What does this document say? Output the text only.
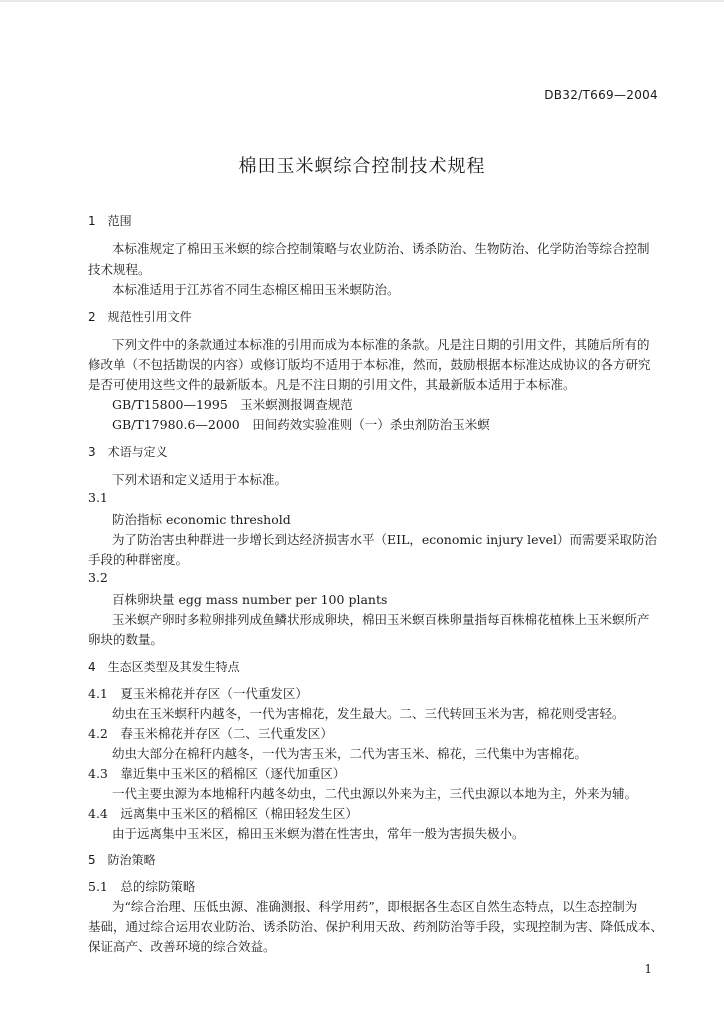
DB32/T669—2004
棉田玉米螟综合控制技术规程
1　范围
本标准规定了棉田玉米螟的综合控制策略与农业防治、诱杀防治、生物防治、化学防治等综合控制
技术规程。
本标准适用于江苏省不同生态棉区棉田玉米螟防治。
2　规范性引用文件
下列文件中的条款通过本标准的引用而成为本标准的条款。凡是注日期的引用文件，其随后所有的
修改单（不包括勘误的内容）或修订版均不适用于本标准，然而，鼓励根据本标准达成协议的各方研究
是否可使用这些文件的最新版本。凡是不注日期的引用文件，其最新版本适用于本标准。
GB/T15800—1995　玉米螟测报调查规范
GB/T17980.6—2000　田间药效实验准则（一）杀虫剂防治玉米螟
3　术语与定义
下列术语和定义适用于本标准。
3.1
防治指标 economic threshold
为了防治害虫种群进一步增长到达经济损害水平（EIL，economic injury level）而需要采取防治
手段的种群密度。
3.2
百株卵块量 egg mass number per 100 plants
玉米螟产卵时多粒卵排列成鱼鳞状形成卵块，棉田玉米螟百株卵量指每百株棉花植株上玉米螟所产
卵块的数量。
4　生态区类型及其发生特点
4.1　夏玉米棉花并存区（一代重发区）
幼虫在玉米螟秆内越冬，一代为害棉花，发生最大。二、三代转回玉米为害，棉花则受害轻。
4.2　春玉米棉花并存区（二、三代重发区）
幼虫大部分在棉秆内越冬，一代为害玉米，二代为害玉米、棉花，三代集中为害棉花。
4.3　靠近集中玉米区的稻棉区（逐代加重区）
一代主要虫源为本地棉秆内越冬幼虫，二代虫源以外来为主，三代虫源以本地为主，外来为辅。
4.4　远离集中玉米区的稻棉区（棉田轻发生区）
由于远离集中玉米区，棉田玉米螟为潜在性害虫，常年一般为害损失极小。
5　防治策略
5.1　总的综防策略
为“综合治理、压低虫源、准确测报、科学用药”，即根据各生态区自然生态特点，以生态控制为
基础，通过综合运用农业防治、诱杀防治、保护利用天敌、药剂防治等手段，实现控制为害、降低成本、
保证高产、改善环境的综合效益。
1
